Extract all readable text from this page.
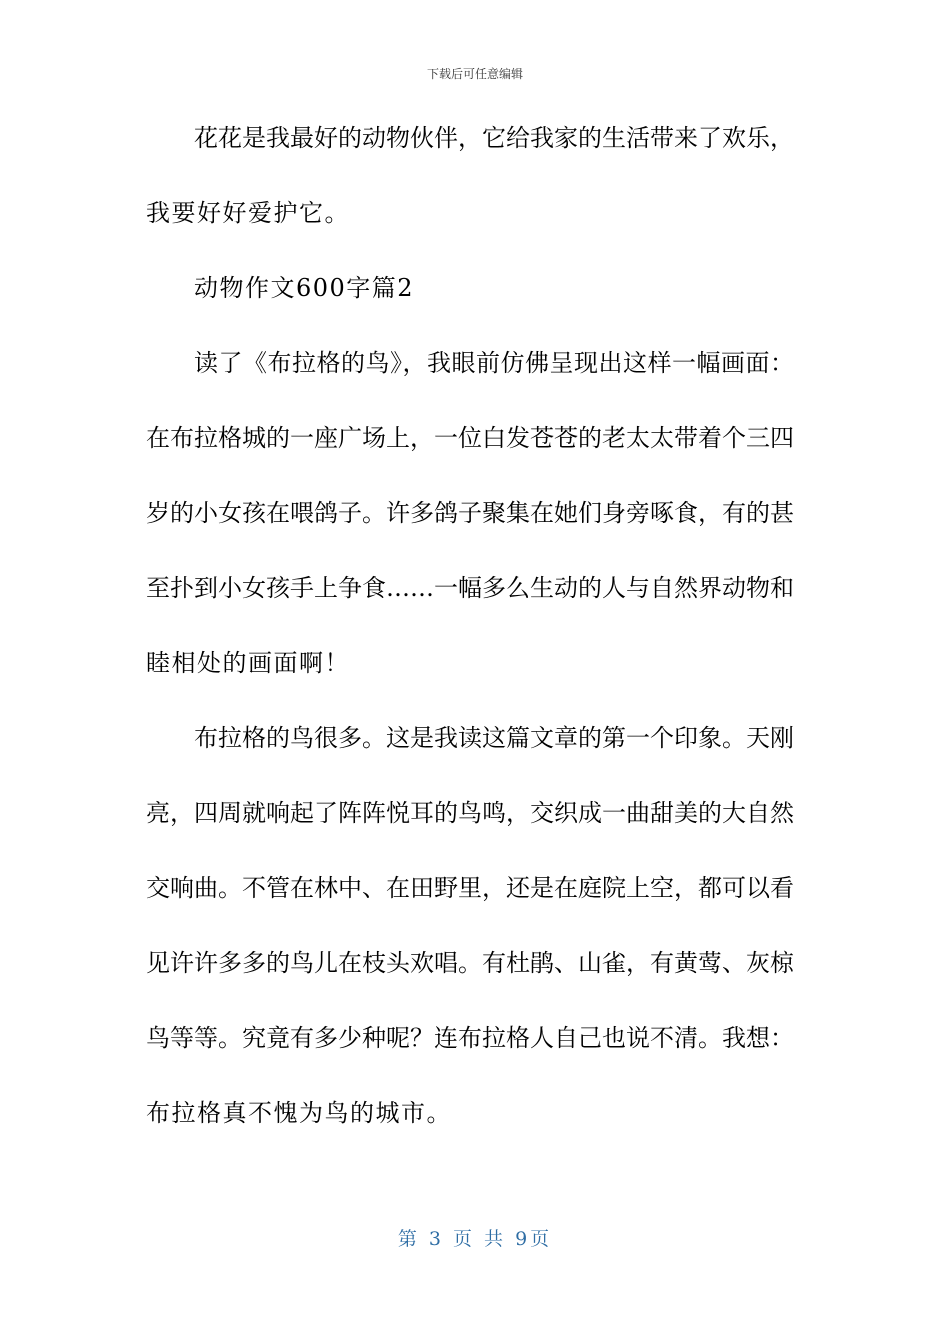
下载后可任意编辑
花花是我最好的动物伙伴，它给我家的生活带来了欢乐，
我要好好爱护它。
动物作文600字篇2
读了《布拉格的鸟》，我眼前仿佛呈现出这样一幅画面：
在布拉格城的一座广场上，一位白发苍苍的老太太带着个三四
岁的小女孩在喂鸽子。许多鸽子聚集在她们身旁啄食，有的甚
至扑到小女孩手上争食……一幅多么生动的人与自然界动物和
睦相处的画面啊！
布拉格的鸟很多。这是我读这篇文章的第一个印象。天刚
亮，四周就响起了阵阵悦耳的鸟鸣，交织成一曲甜美的大自然
交响曲。不管在林中、在田野里，还是在庭院上空，都可以看
见许许多多的鸟儿在枝头欢唱。有杜鹃、山雀，有黄莺、灰椋
鸟等等。究竟有多少种呢？连布拉格人自己也说不清。我想：
布拉格真不愧为鸟的城市。
第 3 页 共 9页
